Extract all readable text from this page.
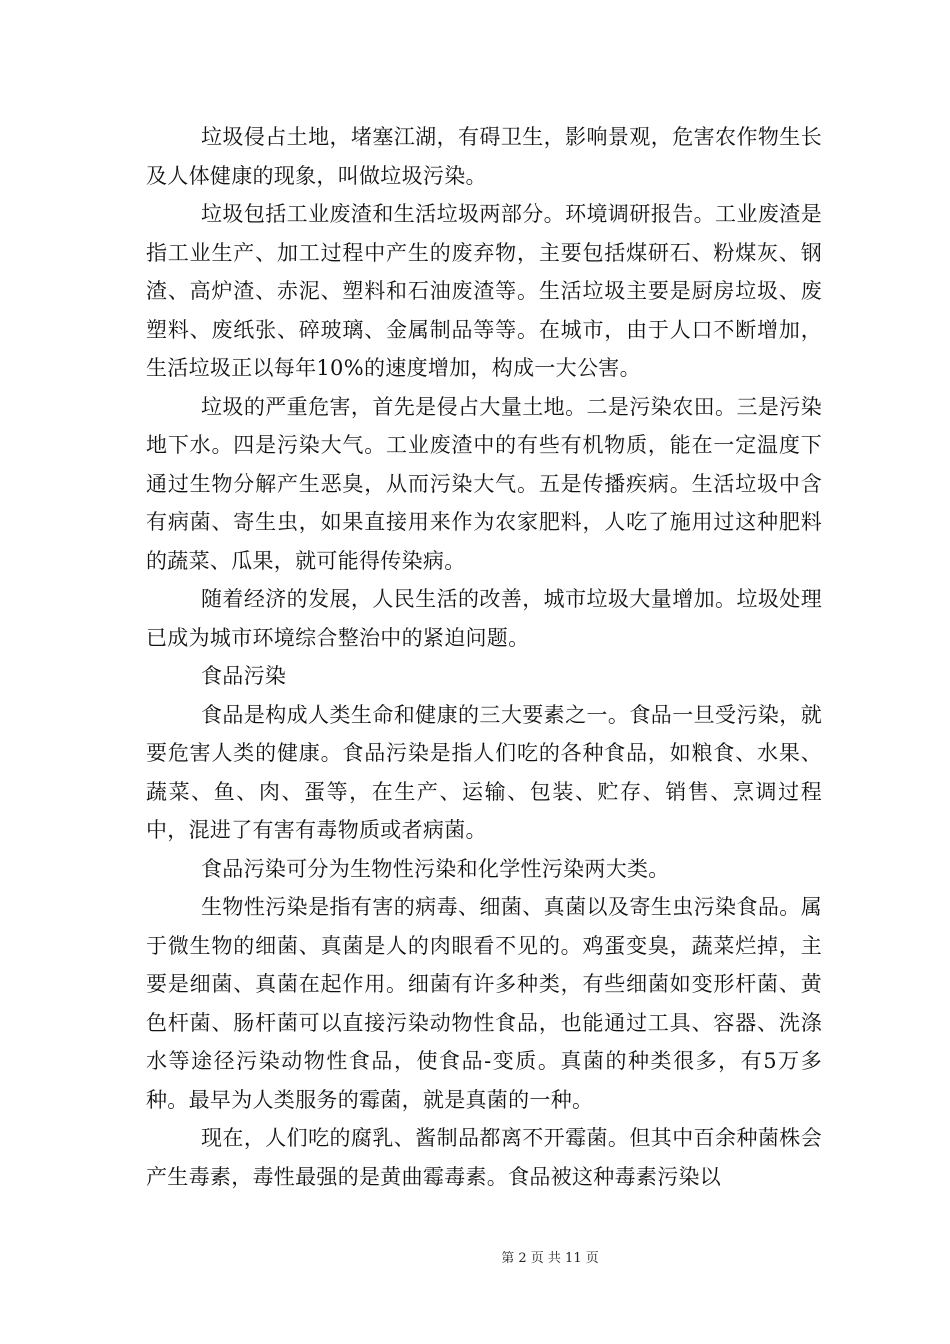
垃圾侵占土地，堵塞江湖，有碍卫生，影响景观，危害农作物生长及人体健康的现象，叫做垃圾污染。

垃圾包括工业废渣和生活垃圾两部分。环境调研报告。工业废渣是指工业生产、加工过程中产生的废弃物，主要包括煤研石、粉煤灰、钢渣、高炉渣、赤泥、塑料和石油废渣等。生活垃圾主要是厨房垃圾、废塑料、废纸张、碎玻璃、金属制品等等。在城市，由于人口不断增加，生活垃圾正以每年10%的速度增加，构成一大公害。

垃圾的严重危害，首先是侵占大量土地。二是污染农田。三是污染地下水。四是污染大气。工业废渣中的有些有机物质，能在一定温度下通过生物分解产生恶臭，从而污染大气。五是传播疾病。生活垃圾中含有病菌、寄生虫，如果直接用来作为农家肥料，人吃了施用过这种肥料的蔬菜、瓜果，就可能得传染病。

随着经济的发展，人民生活的改善，城市垃圾大量增加。垃圾处理已成为城市环境综合整治中的紧迫问题。

食品污染

食品是构成人类生命和健康的三大要素之一。食品一旦受污染，就要危害人类的健康。食品污染是指人们吃的各种食品，如粮食、水果、蔬菜、鱼、肉、蛋等，在生产、运输、包装、贮存、销售、烹调过程中，混进了有害有毒物质或者病菌。

食品污染可分为生物性污染和化学性污染两大类。

生物性污染是指有害的病毒、细菌、真菌以及寄生虫污染食品。属于微生物的细菌、真菌是人的肉眼看不见的。鸡蛋变臭，蔬菜烂掉，主要是细菌、真菌在起作用。细菌有许多种类，有些细菌如变形杆菌、黄色杆菌、肠杆菌可以直接污染动物性食品，也能通过工具、容器、洗涤水等途径污染动物性食品，使食品-变质。真菌的种类很多，有5万多种。最早为人类服务的霉菌，就是真菌的一种。

现在，人们吃的腐乳、酱制品都离不开霉菌。但其中百余种菌株会产生毒素，毒性最强的是黄曲霉毒素。食品被这种毒素污染以

第 2 页 共 11 页
